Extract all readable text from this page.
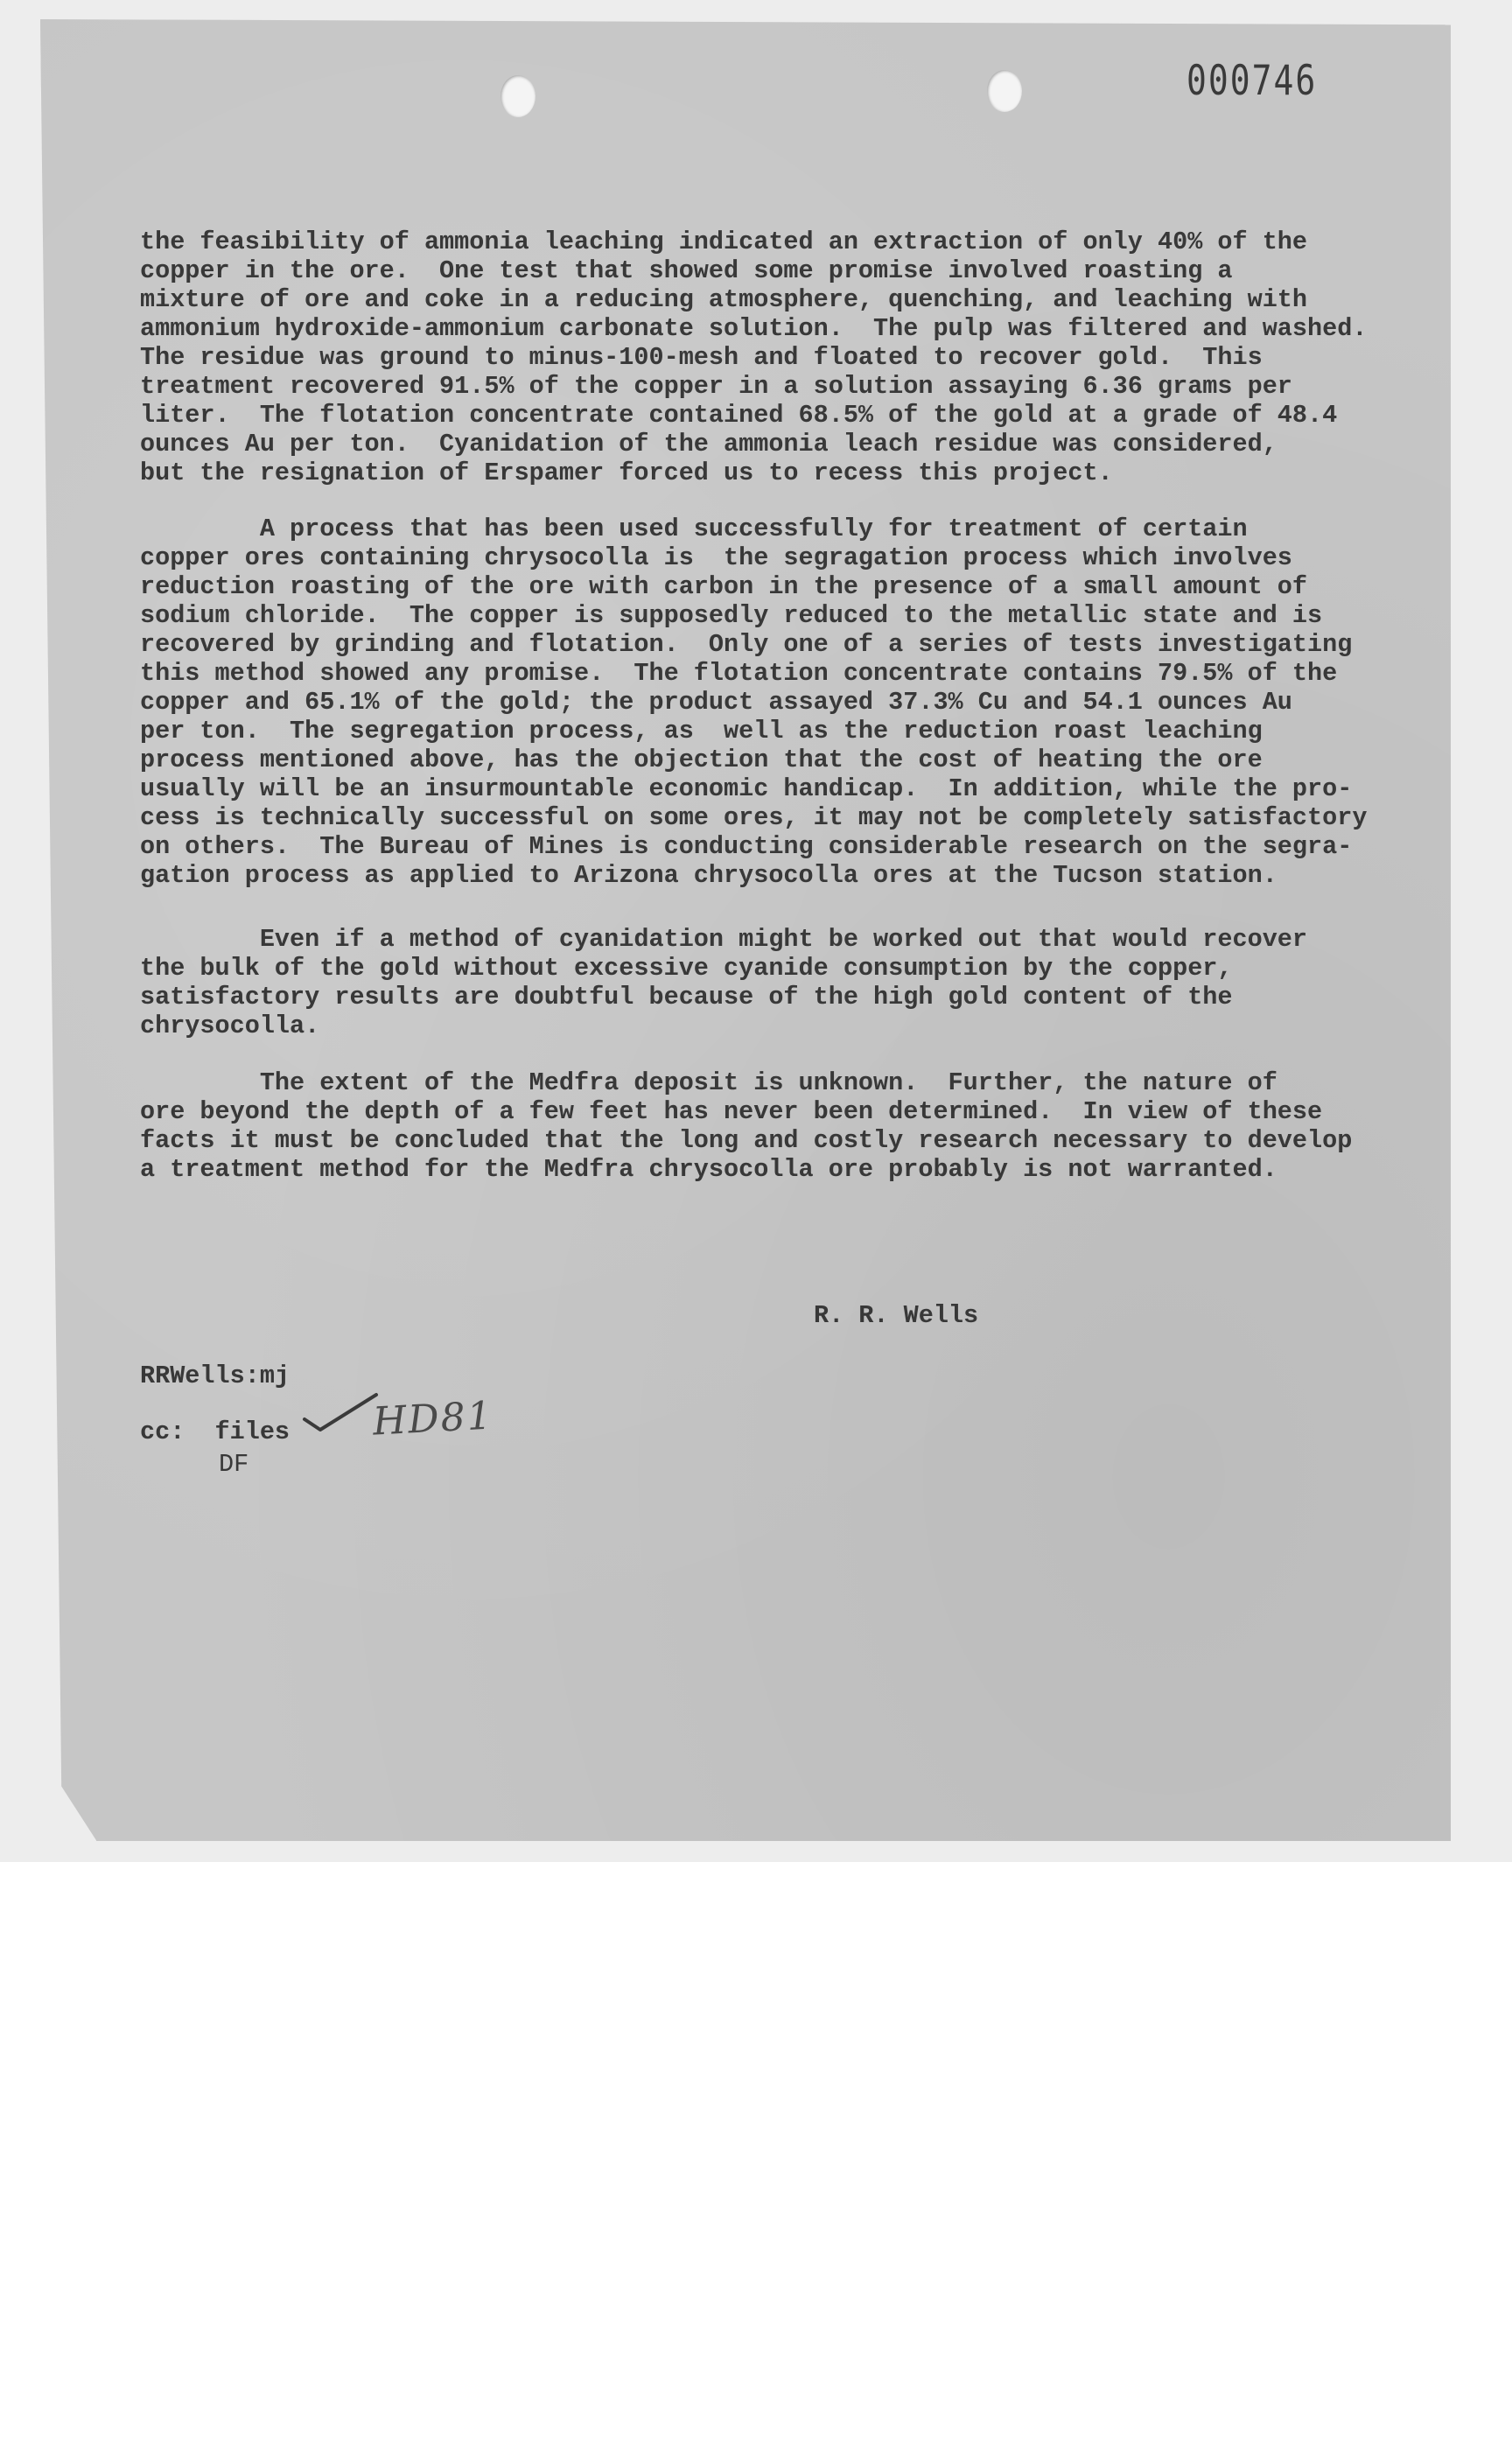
000746

the feasibility of ammonia leaching indicated an extraction of only 40% of the
copper in the ore.  One test that showed some promise involved roasting a
mixture of ore and coke in a reducing atmosphere, quenching, and leaching with
ammonium hydroxide-ammonium carbonate solution.  The pulp was filtered and washed.
The residue was ground to minus-100-mesh and floated to recover gold.  This
treatment recovered 91.5% of the copper in a solution assaying 6.36 grams per
liter.  The flotation concentrate contained 68.5% of the gold at a grade of 48.4
ounces Au per ton.  Cyanidation of the ammonia leach residue was considered,
but the resignation of Erspamer forced us to recess this project.

A process that has been used successfully for treatment of certain
copper ores containing chrysocolla is  the segragation process which involves
reduction roasting of the ore with carbon in the presence of a small amount of
sodium chloride.  The copper is supposedly reduced to the metallic state and is
recovered by grinding and flotation.  Only one of a series of tests investigating
this method showed any promise.  The flotation concentrate contains 79.5% of the
copper and 65.1% of the gold; the product assayed 37.3% Cu and 54.1 ounces Au
per ton.  The segregation process, as  well as the reduction roast leaching
process mentioned above, has the objection that the cost of heating the ore
usually will be an insurmountable economic handicap.  In addition, while the pro-
cess is technically successful on some ores, it may not be completely satisfactory
on others.  The Bureau of Mines is conducting considerable research on the segra-
gation process as applied to Arizona chrysocolla ores at the Tucson station.

Even if a method of cyanidation might be worked out that would recover
the bulk of the gold without excessive cyanide consumption by the copper,
satisfactory results are doubtful because of the high gold content of the
chrysocolla.

The extent of the Medfra deposit is unknown.  Further, the nature of
ore beyond the depth of a few feet has never been determined.  In view of these
facts it must be concluded that the long and costly research necessary to develop
a treatment method for the Medfra chrysocolla ore probably is not warranted.

R. R. Wells
RRWells:mj
cc:  files
DF
HD81
